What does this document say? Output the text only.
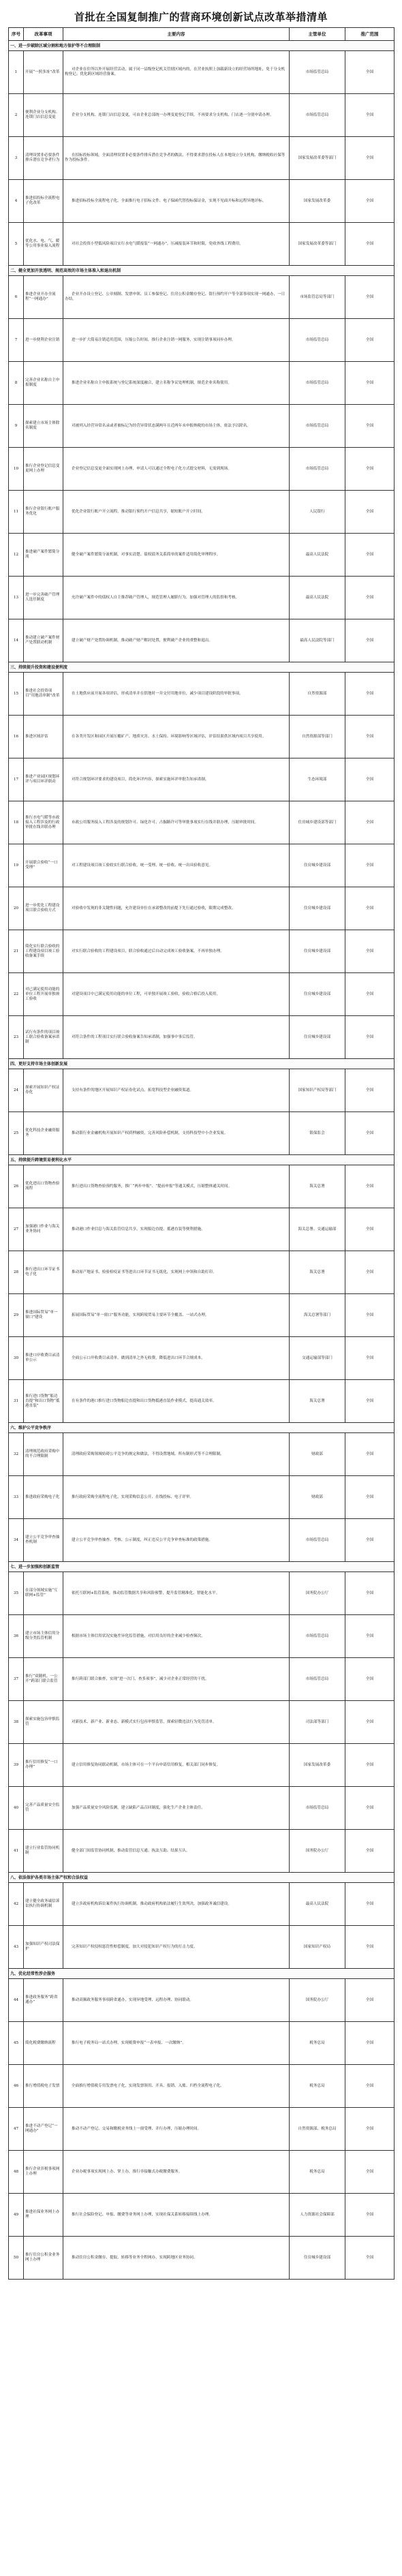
首批在全国复制推广的营商环境创新试点改革举措清单
序号	改革事项	主要内容	主管单位	推广范围
一、进一步破除区域分割和地方保护等不合理限制				
1	开展“一照多址”改革	对企业在住所以外开展经营活动，属于同一县级登记机关管辖区域内的，在营业执照上加载新设立的经营场所地址，免于分支机构登记；优化跨区域经营备案。	市场监管总局	全国
2	便利企业分支机构、连锁门店信息变更	企业分支机构、连锁门店信息变更，可由企业总部统一办理变更登记手续，不再要求分支机构、门店逐一分别申请办理。	市场监管总局	全国
3	清理设置非必要条件排斥潜在竞争者行为	在招标投标领域，全面清理设置非必要条件排斥潜在竞争者的做法，不得要求潜在投标人在本地设立分支机构、缴纳税收社保等作为投标条件。	国家发展改革委等部门	全国
4	推进招投标全流程电子化改革	推进招标投标全流程电子化，全面推行电子招标文件、电子保函代替投标保证金，实现不见面开标和远程异地评标。	国家发展改革委	全国
5	优化水、电、气、暖等公用事业接入流程	对社会投资小型低风险项目实行水电气暖报装“一网通办”，压减报装环节和时限，免收外线工程费用。	国家发展改革委等部门	全国
二、健全更加开放透明、规范高效的市场主体准入和退出机制				
6	推进企业开办全流程“一网通办”	企业开办设立登记、公章刻制、发票申领、员工参保登记、住房公积金缴存登记、银行预约开户等全部事项实现一网通办，一日办结。	市场监管总局等部门	全国
7	进一步便利企业注销	进一步扩大简易注销适用范围，压缩公告时间，推行企业注销一网服务，实现注销事项同步办理。	市场监管总局	全国
8	完善企业名称自主申报制度	推进企业名称自主申报系统与登记系统深度融合，建立名称争议处理机制，规范企业名称使用。	市场监管总局	全国
9	探索建立市场主体除名制度	对被列入经营异常名录或者被标记为经营异常状态满两年且近两年未申报纳税的市场主体，依法予以除名。	市场监管总局	全国
10	推行企业登记信息变更网上办理	企业登记信息变更全面实现网上办理，申请人可以通过全程电子化方式提交材料，无需到现场。	市场监管总局	全国
11	推行企业银行账户服务优化	优化企业银行账户开立流程，推动银行预约开户信息共享，缩短账户开立时间。	人民银行	全国
12	推进破产案件繁简分流	健全破产案件繁简分流机制，对事实清楚、债权债务关系简单的案件适用简化审理程序。	最高人民法院	全国
13	进一步完善破产管理人选任制度	允许破产案件中的债权人自主推荐破产管理人，规范管理人履职行为，加强对管理人的监督和考核。	最高人民法院	全国
14	推动建立破产案件财产处置联动机制	建立破产财产处置协调机制，推动破产财产解封处置，便利破产企业的重整和退出。	最高人民法院等部门	全国
三、持续提升投资和建设便利度				
15	推进社会投资项目“用地清单制”改革	在土地供应前开展各项评估，形成清单并在供地时一并交付用地单位，减少项目建设阶段的审批事项。	自然资源部	全国
16	推进区域评估	在各类开发区和园区开展压覆矿产、地质灾害、水土保持、环境影响等区域评估，评估结果供区域内项目共享使用。	自然资源部等部门	全国
17	推进产业园区规划环评与项目环评联动	对符合规划环评要求的建设项目，简化环评内容，探索实施环评审批告知承诺制。	生态环境部	全国
18	推行水电气暖等市政接入工程涉及的行政审批在线并联办理	市政公用服务接入工程涉及的规划许可、绿化许可、占掘路许可等审批事项实行在线并联办理，压缩审批时间。	住房城乡建设部等部门	全国
19	开展联合验收“一口受理”	对工程建设项目竣工验收实行联合验收，统一受理、统一验收、统一出具验收意见。	住房城乡建设部	全国
20	进一步优化工程建设项目联合验收方式	对验收中发现的非关键性问题，允许建设单位在承诺整改的前提下先行通过验收，限期完成整改。	住房城乡建设部	全国
21	简化实行联合验收的工程建设项目竣工验收备案手续	对实行联合验收的工程建设项目，联合验收通过后自动完成竣工验收备案，不再单独办理。	住房城乡建设部	全国
22	对已满足使用功能的单位工程开展单独竣工验收	对建设项目中已满足使用功能的单位工程，可单独开展竣工验收，验收合格后投入使用。	住房城乡建设部	全国
23	试行有条件的项目竣工联合验收备案承诺制	对符合条件的工程项目实行联合验收备案告知承诺制，加强事中事后监管。	住房城乡建设部	全国
四、更好支持市场主体创新发展				
24	探索开展知识产权证券化	支持有条件的地区开展知识产权证券化试点，拓宽科技型企业融资渠道。	国家知识产权局等部门	全国
25	优化科技企业融资服务	推动银行业金融机构开展知识产权质押融资，完善风险补偿机制，支持科技型中小企业发展。	银保监会	全国
五、持续提升跨境贸易便利化水平				
26	优化进出口货物查验流程	推行进出口货物查验预约服务，推广“两步申报”、“提前申报”等通关模式，压缩整体通关时间。	海关总署	全国
27	加强港口作业与海关业务协同	推动港口作业信息与海关监管信息共享，实现船边直提、抵港直装等便利措施。	海关总署、交通运输部	全国
28	推行进出口环节证书电子化	推动原产地证书、检验检疫证书等进出口环节证书无纸化，实现网上申领和自助打印。	海关总署	全国
29	推进国际贸易“单一窗口”建设	拓展国际贸易“单一窗口”服务功能，实现跨境贸易主要环节全覆盖、一站式办理。	海关总署等部门	全国
30	推进口岸收费目录清单公示	全面公示口岸收费目录清单，做到清单之外无收费，降低进出口环节合规成本。	交通运输部等部门	全国
31	推行进口货物“船边直提”和出口货物“抵港直装”	在有条件的港口推行进口货物船边直提和出口货物抵港直装作业模式，提高通关效率。	海关总署	全国
六、维护公平竞争秩序				
32	清理规范政府采购中的不合理限制	清理政府采购领域妨碍公平竞争的规定和做法，不得设置地域、所有制形式等不合理限制。	财政部	全国
33	推进政府采购电子化	推行政府采购全流程电子化，实现采购信息公开、在线投标、电子评审。	财政部	全国
34	建立公平竞争审查抽查机制	建立公平竞争审查抽查、考核、公示制度，纠正违反公平竞争审查标准的政策措施。	市场监管总局	全国
七、进一步加强和创新监管				
35	在部分领域实施“互联网+监管”	依托互联网+监管系统，推动监管数据共享和风险预警，提升监管精准化、智能化水平。	国务院办公厅	全国
36	建立市场主体信用分级分类监管机制	根据市场主体信用状况实施差异化监管措施，对信用良好的企业减少检查频次。	市场监管总局	全国
37	推行“双随机、一公开”跨部门联合监管	推行跨部门联合抽查，实现“进一次门、查多项事”，减少对企业正常经营的干扰。	市场监管总局	全国
38	探索实施包容审慎监管	对新技术、新产业、新业态、新模式实行包容审慎监管，探索轻微违法行为免罚清单。	司法部等部门	全国
39	推行信用修复“一口办理”	建立信用修复协同联动机制，市场主体可在一个平台申请信用修复，相关部门同步修复。	国家发展改革委	全国
40	完善产品质量安全监管	加强产品质量安全风险监测，建立缺陷产品召回制度，强化生产企业主体责任。	市场监管总局	全国
41	建立行业监管协同机制	健全部门间监管协同机制，推动监管信息互通、执法互助、结果互认。	国务院办公厅	全国
八、依法保护各类市场主体产权和合法权益				
42	建立健全政务诚信诉讼执行协调机制	建立涉政府机构诉讼案件执行协调机制，推动政府机构依法履行生效判决，加强政务诚信建设。	最高人民法院	全国
43	加强知识产权司法保护	完善知识产权侵权惩罚性赔偿制度，加大对侵犯知识产权行为的打击力度。	国家知识产权局	全国
九、优化经常性涉企服务				
44	推进政务服务“跨省通办”	推动高频政务服务事项跨省通办，实现异地受理、远程办理、协同联动。	国务院办公厅	全国
45	简化税费缴纳流程	推行电子税务局一站式办理，实现税费申报“一表申报、一次缴纳”。	税务总局	全国
46	推行增值税电子发票	全面推行增值税专用发票电子化，实现发票领用、开具、报销、入账、归档全流程电子化。	税务总局	全国
47	推进不动产登记“一网通办”	推动不动产登记、交易和缴税业务线上一窗受理、并行办理，压缩办理时间。	自然资源部、税务总局	全国
48	推行企业涉税事项网上办理	企业办税事项实现网上办、掌上办，推行非接触式办税缴费服务。	税务总局	全国
49	推进社保业务网上办理	推行社会保险登记、申报、缴费等业务网上办理，实现社保关系转移接续线上办理。	人力资源社会保障部	全国
50	推行住房公积金业务网上办理	推动住房公积金缴存、提取、转移等业务全程网办，实现跨地区业务协同。	住房城乡建设部	全国
